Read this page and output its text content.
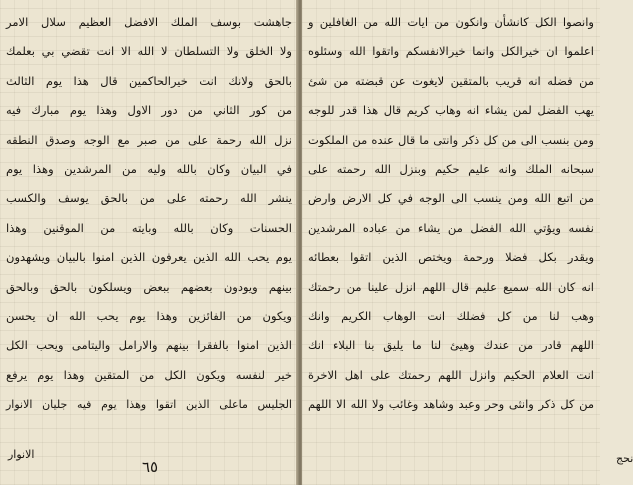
جاهشت بوسف الملك الافضل العظيم سلال الامر
ولا الخلق ولا التسلطان لا الله الا انت تقضي بي بعلمك
بالحق ولانك انت خيرالحاكمين قال هذا يوم الثالث
من كور الثاني من دور الاول وهذا يوم مبارك فيه
نزل الله رحمة على من صبر مع الوجه وصدق النطقه
في البيان وكان بالله وليه من المرشدين وهذا يوم
ينشر الله رحمته على من بالحق يوسف والكسب
الحسنات وكان بالله وبايته من الموقنين وهذا
يوم يحب الله الذين يعرفون الذين امنوا بالبيان ويشهدون
بينهم ويودون بعضهم ببعض ويسلكون بالحق وبالحق
ويكون من الفائزين وهذا يوم يحب الله ان يحسن
الذين امنوا بالفقرا بينهم والارامل واليتامى ويحب الكل
خير لنفسه ويكون الكل من المتقين وهذا يوم يرفع
الجليس ماعلى الذين اتقوا وهذا يوم فيه جليان الانوار
٦٥
وانصوا الكل كانشأن وانكون من ايات الله من الغافلين و
اعلموا ان خيرالكل وانما خيرالانفسكم واتقوا الله وسئلوه
من فضله انه قريب بالمتقين لايغوت عن قبضته من شئ
يهب الفضل لمن يشاء انه وهاب كريم قال هذا قدر للوجه
ومن بنسب الى من كل ذكر وانتى ما قال عنده من الملكوت
سبحانه الملك وانه عليم حكيم وبنزل الله رحمته على
من اتبع الله ومن ينسب الى الوجه في كل الارض وارض
نفسه ويؤتي الله الفضل من يشاء من عباده المرشدين
ويقدر بكل فضلا ورحمة ويختص الذين اتقوا بعطائه
انه كان الله سميع عليم قال اللهم انزل علينا من رحمتك
وهب لنا من كل فضلك انت الوهاب الكريم وانك
اللهم قادر من عندك وهيئ لنا ما يليق بنا البلاء انك
انت العلام الحكيم وانزل اللهم رحمتك على اهل الاخرة
من كل ذكر وانثى وحر وعبد وشاهد وغائب ولا الله الا اللهم
نحج
الانوار
